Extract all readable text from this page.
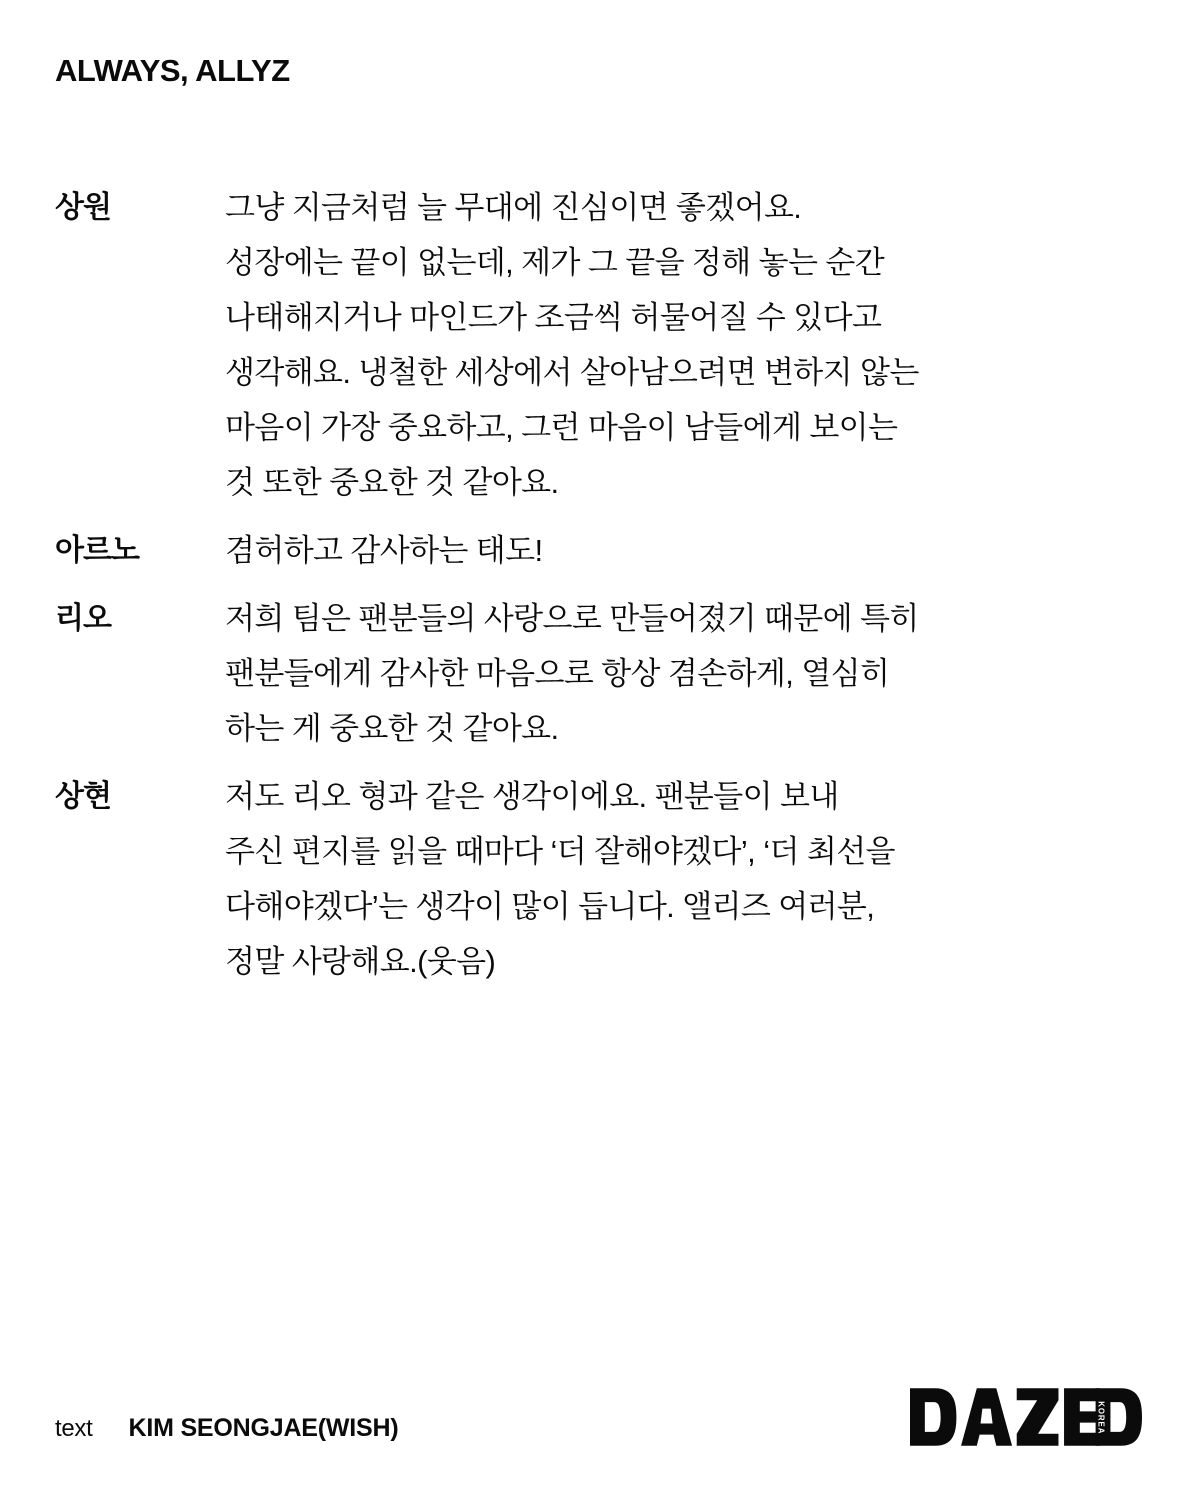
ALWAYS, ALLYZ
상원	그냥 지금처럼 늘 무대에 진심이면 좋겠어요.
성장에는 끝이 없는데, 제가 그 끝을 정해 놓는 순간
나태해지거나 마인드가 조금씩 허물어질 수 있다고
생각해요. 냉철한 세상에서 살아남으려면 변하지 않는
마음이 가장 중요하고, 그런 마음이 남들에게 보이는
것 또한 중요한 것 같아요.
아르노	겸허하고 감사하는 태도!
리오	저희 팀은 팬분들의 사랑으로 만들어졌기 때문에 특히
팬분들에게 감사한 마음으로 항상 겸손하게, 열심히
하는 게 중요한 것 같아요.
상현	저도 리오 형과 같은 생각이에요. 팬분들이 보내
주신 편지를 읽을 때마다 ‘더 잘해야겠다’, ‘더 최선을
다해야겠다’는 생각이 많이 듭니다. 앨리즈 여러분,
정말 사랑해요.(웃음)
text KIM SEONGJAE(WISH)	KOREA
